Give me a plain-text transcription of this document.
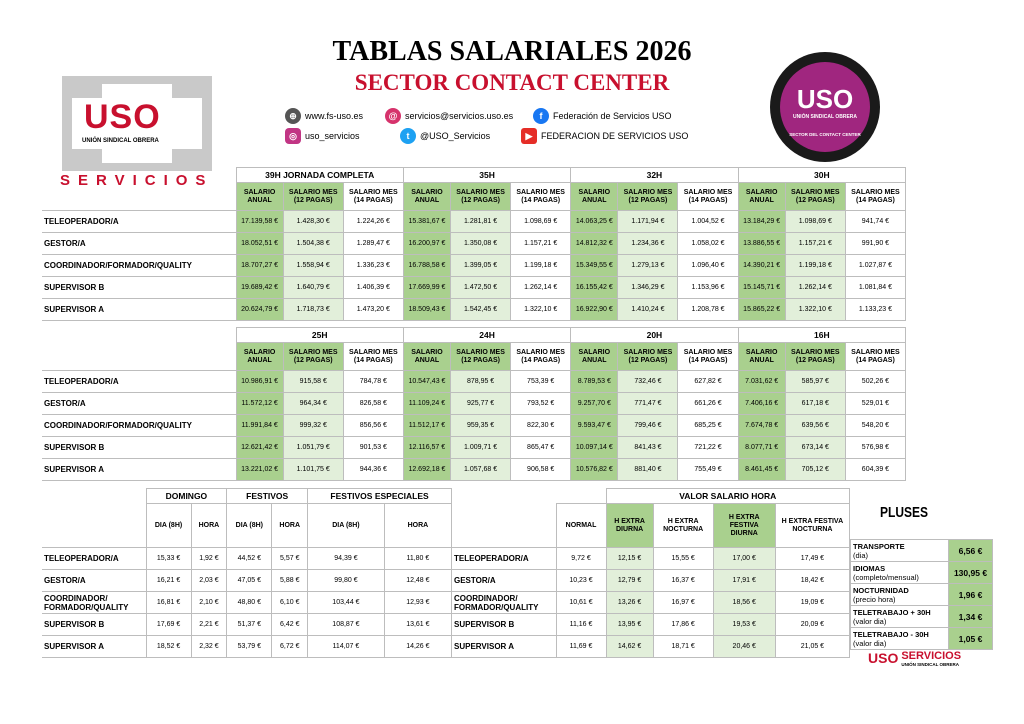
TABLAS SALARIALES 2026
SECTOR CONTACT CENTER
USO
UNIÓN SINDICAL OBRERA
SERVICIOS
USO
UNIÓN SINDICAL OBRERA
SECTOR DEL CONTACT CENTER
⊕ www.fs-uso.es	@ servicios@servicios.uso.es	f	Federación de Servicios USO
◎ uso_servicios	t	@USO_Servicios	▶ FEDERACION DE SERVICIOS USO
	39H JORNADA COMPLETA			35H			32H			30H		
	SALARIO ANUAL	SALARIO MES (12 PAGAS)	SALARIO MES (14 PAGAS)	SALARIO ANUAL	SALARIO MES (12 PAGAS)	SALARIO MES (14 PAGAS)	SALARIO ANUAL	SALARIO MES (12 PAGAS)	SALARIO MES (14 PAGAS)	SALARIO ANUAL	SALARIO MES (12 PAGAS)	SALARIO MES (14 PAGAS)
TELEOPERADOR/A	17.139,58 €	1.428,30 €	1.224,26 €	15.381,67 €	1.281,81 €	1.098,69 €	14.063,25 €	1.171,94 €	1.004,52 €	13.184,29 €	1.098,69 €	941,74 €
GESTOR/A	18.052,51 €	1.504,38 €	1.289,47 €	16.200,97 €	1.350,08 €	1.157,21 €	14.812,32 €	1.234,36 €	1.058,02 €	13.886,55 €	1.157,21 €	991,90 €
COORDINADOR/FORMADOR/QUALITY	18.707,27 €	1.558,94 €	1.336,23 €	16.788,58 €	1.399,05 €	1.199,18 €	15.349,55 €	1.279,13 €	1.096,40 €	14.390,21 €	1.199,18 €	1.027,87 €
SUPERVISOR B	19.689,42 €	1.640,79 €	1.406,39 €	17.669,99 €	1.472,50 €	1.262,14 €	16.155,42 €	1.346,29 €	1.153,96 €	15.145,71 €	1.262,14 €	1.081,84 €
SUPERVISOR A	20.624,79 €	1.718,73 €	1.473,20 €	18.509,43 €	1.542,45 €	1.322,10 €	16.922,90 €	1.410,24 €	1.208,78 €	15.865,22 €	1.322,10 €	1.133,23 €
	25H			24H			20H			16H		
	SALARIO ANUAL	SALARIO MES (12 PAGAS)	SALARIO MES (14 PAGAS)	SALARIO ANUAL	SALARIO MES (12 PAGAS)	SALARIO MES (14 PAGAS)	SALARIO ANUAL	SALARIO MES (12 PAGAS)	SALARIO MES (14 PAGAS)	SALARIO ANUAL	SALARIO MES (12 PAGAS)	SALARIO MES (14 PAGAS)
TELEOPERADOR/A	10.986,91 €	915,58 €	784,78 €	10.547,43 €	878,95 €	753,39 €	8.789,53 €	732,46 €	627,82 €	7.031,62 €	585,97 €	502,26 €
GESTOR/A	11.572,12 €	964,34 €	826,58 €	11.109,24 €	925,77 €	793,52 €	9.257,70 €	771,47 €	661,26 €	7.406,16 €	617,18 €	529,01 €
COORDINADOR/FORMADOR/QUALITY	11.991,84 €	999,32 €	856,56 €	11.512,17 €	959,35 €	822,30 €	9.593,47 €	799,46 €	685,25 €	7.674,78 €	639,56 €	548,20 €
SUPERVISOR B	12.621,42 €	1.051,79 €	901,53 €	12.116,57 €	1.009,71 €	865,47 €	10.097,14 €	841,43 €	721,22 €	8.077,71 €	673,14 €	576,98 €
SUPERVISOR A	13.221,02 €	1.101,75 €	944,36 €	12.692,18 €	1.057,68 €	906,58 €	10.576,82 €	881,40 €	755,49 €	8.461,45 €	705,12 €	604,39 €
	DOMINGO		FESTIVOS		FESTIVOS ESPECIALES	
	DIA (8H)	HORA	DIA (8H)	HORA	DIA (8H)	HORA
TELEOPERADOR/A	15,33 €	1,92 €	44,52 €	5,57 €	94,39 €	11,80 €
GESTOR/A	16,21 €	2,03 €	47,05 €	5,88 €	99,80 €	12,48 €
COORDINADOR/
FORMADOR/QUALITY	16,81 €	2,10 €	48,80 €	6,10 €	103,44 €	12,93 €
SUPERVISOR B	17,69 €	2,21 €	51,37 €	6,42 €	108,87 €	13,61 €
SUPERVISOR A	18,52 €	2,32 €	53,79 €	6,72 €	114,07 €	14,26 €
		VALOR SALARIO HORA			
	NORMAL	H EXTRA DIURNA	H EXTRA NOCTURNA	H EXTRA FESTIVA DIURNA	H EXTRA FESTIVA NOCTURNA
TELEOPERADOR/A	9,72 €	12,15 €	15,55 €	17,00 €	17,49 €
GESTOR/A	10,23 €	12,79 €	16,37 €	17,91 €	18,42 €
COORDINADOR/
FORMADOR/QUALITY	10,61 €	13,26 €	16,97 €	18,56 €	19,09 €
SUPERVISOR B	11,16 €	13,95 €	17,86 €	19,53 €	20,09 €
SUPERVISOR A	11,69 €	14,62 €	18,71 €	20,46 €	21,05 €
PLUSES
TRANSPORTE
(dia)	6,56 €

IDIOMAS
(completo/mensual)	130,95 €

NOCTURNIDAD
(precio hora)	1,96 €

TELETRABAJO + 30H
(valor dia)	1,34 €

TELETRABAJO - 30H
(valor dia)	1,05 €
USO SERVICIOS
UNIÓN SINDICAL OBRERA
